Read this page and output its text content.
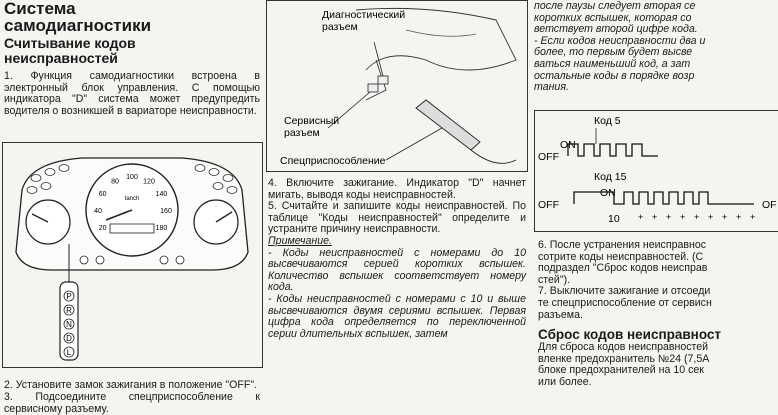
Система

самодиагностики

Считывание кодов

неисправностей

1. Функция самодиагностики встроена в электронный блок управления. С помощью индикатора "D" система может предупредить водителя о возникшей в вариаторе неисправности.

20
40
60
80
100
120
140
160
180
tanch
P
R
N
D
L

2. Установите замок зажигания в положение "OFF".

3. Подсоедините спецприспособление к сервисному разъему.

Диагностический
разъем
Сервисный
разъем
Спецприспособление

4. Включите зажигание. Индикатор "D" начнет мигать, выводя коды неисправностей.

5. Считайте и запишите коды неисправностей. По таблице "Коды неисправностей" определите и устраните причину неисправности.

Примечание.

- Коды неисправностей с номерами до 10 высвечиваются серией коротких вспышек. Количество вспышек соответствует номеру кода.

- Коды неисправностей с номерами с 10 и выше высвечиваются двумя сериями вспышек. Первая цифра кода определяется по переключенной серии длительных вспышек, затем

после паузы следует вторая се
коротких вспышек, которая со
ветствует второй цифре кода.
- Если кодов неисправности два и
более, то первым будет высве
ваться наименьший код, а зат
остальные коды в порядке возр
тания.
Код 5
ON
OFF
Код 15
ON
OFF
10 + + + + + + + + +
OF
6. После устранения неисправнос
сотрите коды неисправностей. (С
подраздел "Сброс кодов неисправ
стей").
7. Выключите зажигание и отсоеди
те спецприспособление от сервисн
разъема.

Сброс кодов неисправност

Для сброса кодов неисправностей
вленке предохранитель №24 (7,5А
блоке предохранителей на 10 сек
или более.
